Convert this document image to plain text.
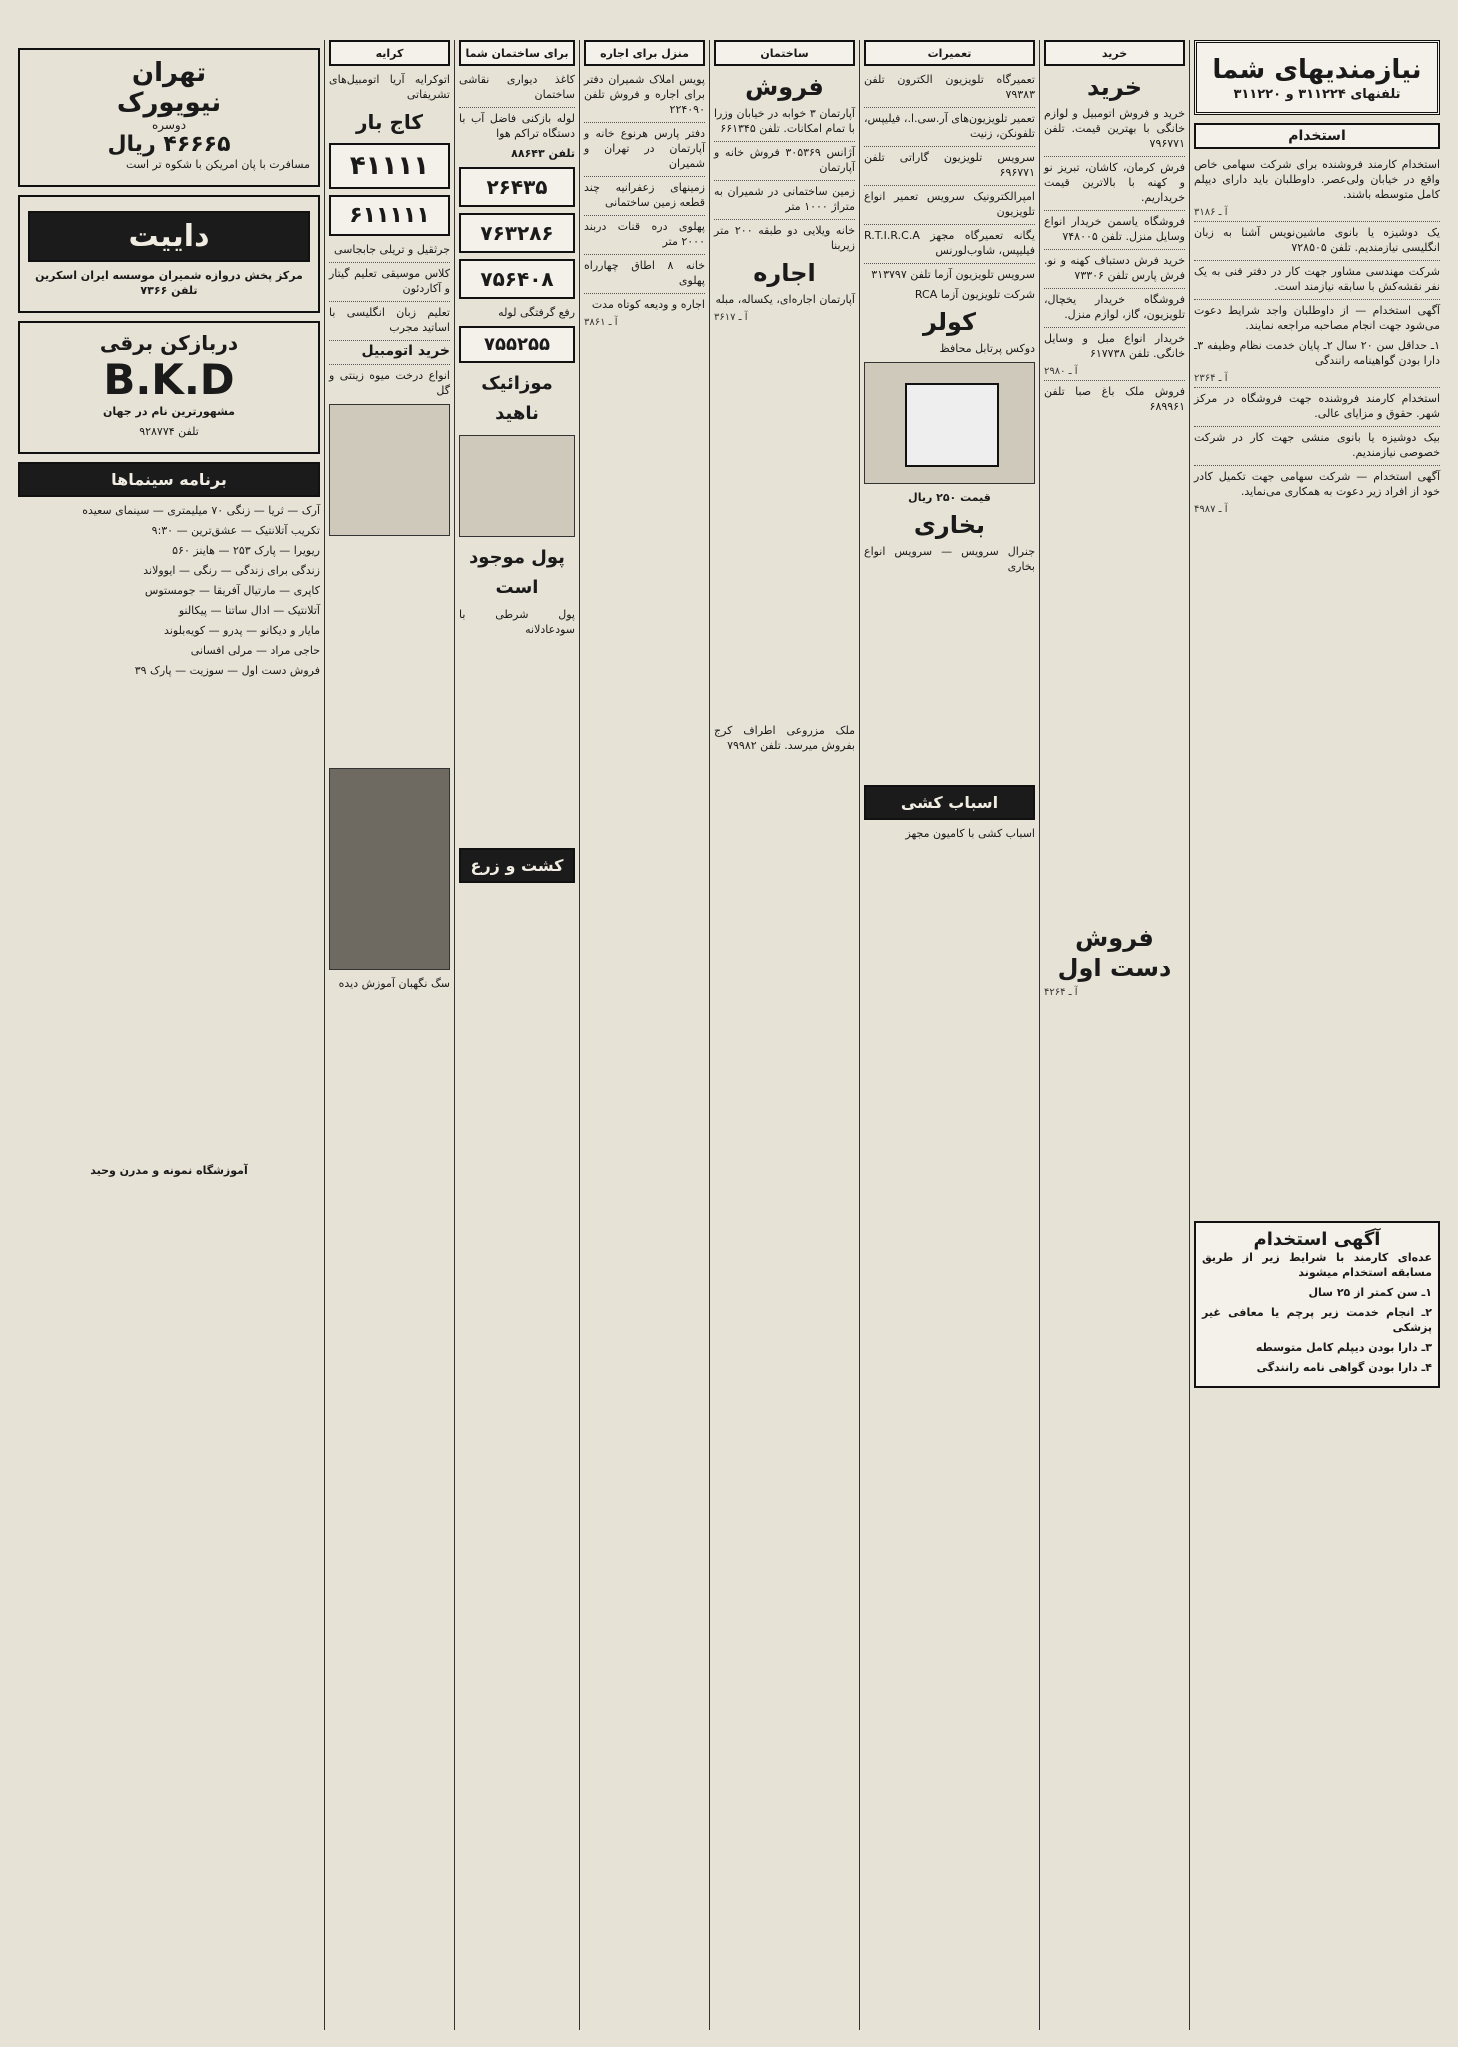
نیازمندیهای شما
تلفنهای ۳۱۱۲۲۴ و ۳۱۱۲۲۰
استخدام
استخدام کارمند فروشنده برای شرکت سهامی خاص واقع در خیابان ولی‌عصر. داوطلبان باید دارای دیپلم کامل متوسطه باشند.
آ ـ ۳۱۸۶
یک دوشیزه یا بانوی ماشین‌نویس آشنا به زبان انگلیسی نیازمندیم. تلفن ۷۲۸۵۰۵
شرکت مهندسی مشاور جهت کار در دفتر فنی به یک نفر نقشه‌کش با سابقه نیازمند است.
آگهی استخدام — از داوطلبان واجد شرایط دعوت می‌شود جهت انجام مصاحبه مراجعه نمایند.
۱ـ حداقل سن ۲۰ سال ۲ـ پایان خدمت نظام وظیفه ۳ـ دارا بودن گواهینامه رانندگی
آ ـ ۲۳۶۴
استخدام کارمند فروشنده جهت فروشگاه در مرکز شهر. حقوق و مزایای عالی.
بیک دوشیزه یا بانوی منشی جهت کار در شرکت خصوصی نیازمندیم.
آگهی استخدام — شرکت سهامی جهت تکمیل کادر خود از افراد زیر دعوت به همکاری می‌نماید.
آ ـ ۴۹۸۷
آگهی استخدام
عده‌ای کارمند با شرایط زیر از طریق مسابقه استخدام میشوند
۱ـ سن کمتر از ۲۵ سال
۲ـ انجام خدمت زیر پرچم یا معافی غیر پزشکی
۳ـ دارا بودن دیپلم کامل متوسطه
۴ـ دارا بودن گواهی نامه رانندگی
خرید
خرید
خرید و فروش اتومبیل و لوازم خانگی با بهترین قیمت. تلفن ۷۹۶۷۷۱
فرش کرمان، کاشان، تبریز نو و کهنه با بالاترین قیمت خریداریم.
فروشگاه یاسمن خریدار انواع وسایل منزل. تلفن ۷۴۸۰۰۵
خرید فرش دستباف کهنه و نو. فرش پارس تلفن ۷۳۳۰۶
فروشگاه خریدار یخچال، تلویزیون، گاز، لوازم منزل.
خریدار انواع مبل و وسایل خانگی. تلفن ۶۱۷۷۳۸
آ ـ ۲۹۸۰
فروش ملک باغ صبا تلفن ۶۸۹۹۶۱
فروش دست اول
آ ـ ۴۲۶۴
تعمیرات
تعمیرگاه تلویزیون الکترون تلفن ۷۹۳۸۳
تعمیر تلویزیون‌های آر.سی.ا.، فیلیپس، تلفونکن، زنیت
سرویس تلویزیون گاراتی تلفن ۶۹۶۷۷۱
امپرالکترونیک سرویس تعمیر انواع تلویزیون
یگانه تعمیرگاه مجهز R.T.I.R.C.A فیلیپس، شاوب‌لورنس
سرویس تلویزیون آزما تلفن ۳۱۳۷۹۷
شرکت تلویزیون آزما RCA
کولر
دوکس پرتابل محافظ
قیمت ۲۵۰ ریال
بخاری
جنرال سرویس — سرویس انواع بخاری
اسباب کشی
اسباب کشی با کامیون مجهز
ساختمان
فروش
آپارتمان ۳ خوابه در خیابان وزرا با تمام امکانات. تلفن ۶۶۱۳۴۵
آژانس ۳۰۵۳۶۹ فروش خانه و آپارتمان
زمین ساختمانی در شمیران به متراژ ۱۰۰۰ متر
خانه ویلایی دو طبقه ۲۰۰ متر زیربنا
اجاره
آپارتمان اجاره‌ای، یکساله، مبله
آ ـ ۳۶۱۷
ملک مزروعی اطراف کرج بفروش میرسد. تلفن ۷۹۹۸۲
منزل برای اجاره
پویس املاک شمیران دفتر برای اجاره و فروش تلفن ۲۲۴۰۹۰
دفتر پارس هرنوع خانه و آپارتمان در تهران و شمیران
زمینهای زعفرانیه چند قطعه زمین ساختمانی
پهلوی دره قنات دربند ۲۰۰۰ متر
خانه ۸ اطاق چهارراه پهلوی
اجاره و ودیعه کوتاه مدت
آ ـ ۳۸۶۱
برای ساختمان شما
کاغذ دیواری نقاشی ساختمان
لوله بازکنی فاضل آب با دستگاه تراکم هوا
تلفن ۸۸۶۴۳
۲۶۴۳۵
۷۶۳۲۸۶
۷۵۶۴۰۸
رفع گرفتگی لوله
۷۵۵۲۵۵
موزائیک ناهید
پول موجود است
پول شرطی با سودعادلانه
کشت و زرع
کرایه
اتوکرایه آریا اتومبیل‌های تشریفاتی
کاج بار
۴۱۱۱۱
۶۱۱۱۱۱
جرثقیل و تریلی جابجاسی
کلاس موسیقی تعلیم گیتار و آکاردئون
تعلیم زبان انگلیسی با اساتید مجرب
خرید اتومبیل
انواع درخت میوه زینتی و گل
سگ نگهبان آموزش دیده
تهران
نیویورک
دوسره
۴۶۶۶۵ ریال
مسافرت با پان امریکن با شکوه تر است
داییت
مرکز پخش دروازه شمیران موسسه ایران اسکرین تلفن ۷۳۶۶
دربازکن برقی
B.K.D
مشهورترین نام در جهان
تلفن ۹۲۸۷۷۴
برنامه سینماها
آرک — ثریا — زنگی ۷۰ میلیمتری — سینمای سعیده
تکریب آتلانتیک — عشق‌ترین — ۹:۳۰
ریویرا — پارک ۲۵۳ — هاینز ۵۶۰
زندگی برای زندگی — رنگی — ایوولاند
کاپری — مارتیال آفریقا — جومستوس
آتلانتیک — ادال ساتنا — پیکالنو
مایار و دیکانو — پدرو — کویه‌بلوند
حاجی مراد — مرلی افسانی
فروش دست اول — سوزیت — پارک ۳۹
آموزشگاه نمونه و مدرن وحید
